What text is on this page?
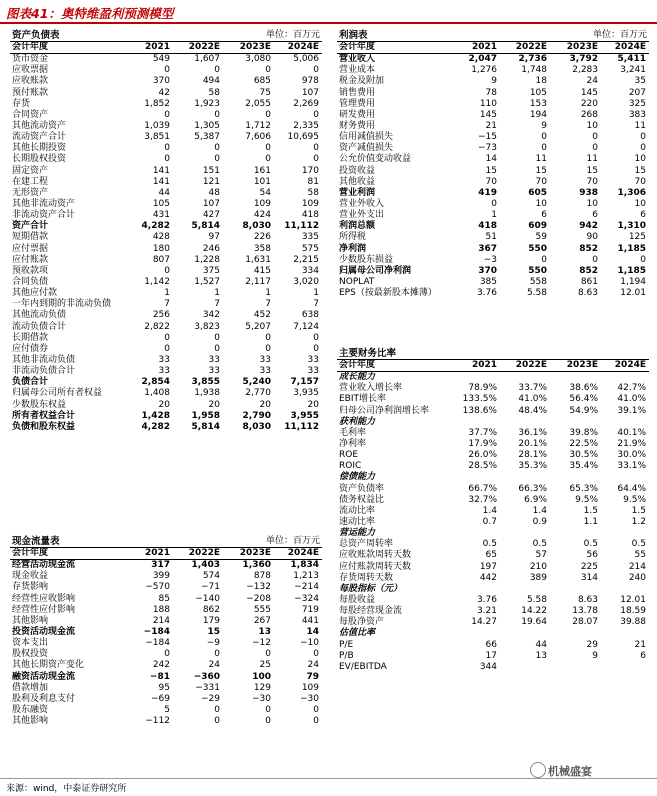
图表41：奥特维盈利预测模型
资产负债表	单位：百万元
会计年度	2021 2022E 2023E 2024E
货币资金	549	1,607	3,080 5,006
应收票据	0	0	0	0
应收账款	370	494	685	978
预付账款	42	58	75	107
存货	1,852	1,923	2,055 2,269
合同资产	0	0	0	0
其他流动资产	1,039	1,305	1,712 2,335
流动资产合计	3,851	5,387	7,606 10,695
其他长期投资	0	0	0	0
长期股权投资	0	0	0	0
固定资产	141	151	161	170
在建工程	141	121	101	81
无形资产	44	48	54	58
其他非流动资产	105	107	109	109
非流动资产合计	431	427	424	418
资产合计	4,282 5,814	8,030 11,112
短期借款	428	97	226	335
应付票据	180	246	358	575
应付账款	807	1,228	1,631 2,215
预收款项	0	375	415	334
合同负债	1,142	1,527	2,117 3,020
其他应付款	1	1	1	1
一年内到期的非流动负债	7	7	7	7
其他流动负债	256	342	452	638
流动负债合计	2,822	3,823	5,207 7,124
长期借款	0	0	0	0
应付债券	0	0	0	0
其他非流动负债	33	33	33	33
非流动负债合计	33	33	33	33
负债合计	2,854 3,855	5,240 7,157
归属母公司所有者权益	1,408	1,938	2,770 3,935
少数股东权益	20	20	20	20
所有者权益合计	1,428 1,958	2,790 3,955
负债和股东权益	4,282 5,814	8,030 11,112
利润表	单位：百万元
会计年度	2021 2022E 2023E 2024E
营业收入	2,047 2,736	3,792 5,411
营业成本	1,276	1,748	2,283 3,241
税金及附加	9	18	24	35
销售费用	78	105	145	207
管理费用	110	153	220	325
研发费用	145	194	268	383
财务费用	21	9	10	11
信用减值损失	−15	0	0	0
资产减值损失	−73	0	0	0
公允价值变动收益	14	11	11	10
投资收益	15	15	15	15
其他收益	70	70	70	70
营业利润	419	605	938 1,306
营业外收入	0	10	10	10
营业外支出	1	6	6	6
利润总额	418	609	942 1,310
所得税	51	59	90	125
净利润	367	550	852 1,185
少数股东损益	−3	0	0	0
归属母公司净利润	370	550	852 1,185
NOPLAT	385	558	861 1,194
EPS（按最新股本摊薄）	3.76	5.58	8.63 12.01
主要财务比率
会计年度	2021 2022E 2023E 2024E
成长能力
营业收入增长率	78.9% 33.7% 38.6% 42.7%
EBIT增长率	133.5% 41.0% 56.4% 41.0%
归母公司净利润增长率	138.6% 48.4% 54.9% 39.1%
获利能力
毛利率	37.7% 36.1% 39.8% 40.1%
净利率	17.9% 20.1% 22.5% 21.9%
ROE	26.0% 28.1% 30.5% 30.0%
ROIC	28.5% 35.3% 35.4% 33.1%
偿债能力
资产负债率	66.7% 66.3% 65.3% 64.4%
债务权益比	32.7%	6.9%	9.5%	9.5%
流动比率	1.4	1.4	1.5	1.5
速动比率	0.7	0.9	1.1	1.2
营运能力
总资产周转率	0.5	0.5	0.5	0.5
应收账款周转天数	65	57	56	55
应付账款周转天数	197	210	225	214
存货周转天数	442	389	314	240
每股指标（元）
每股收益	3.76	5.58	8.63 12.01
每股经营现金流	3.21	14.22	13.78 18.59
每股净资产	14.27	19.64	28.07 39.88
估值比率
P/E	66	44	29	21
P/B	17	13	9	6
EV/EBITDA	344
现金流量表	单位：百万元
会计年度	2021 2022E 2023E 2024E
经营活动现金流	317 1,403	1,360 1,834
现金收益	399	574	878 1,213
存货影响	−570	−71	−132	−214
经营性应收影响	85	−140	−208	−324
经营性应付影响	188	862	555	719
其他影响	214	179	267	441
投资活动现金流	−184	15	13	14
资本支出	−184	−9	−12	−10
股权投资	0	0	0	0
其他长期资产变化	242	24	25	24
融资活动现金流	−81	−360	100	79
借款增加	95	−331	129	109
股利及利息支付	−69	−29	−30	−30
股东融资	5	0	0	0
其他影响	−112	0	0	0
机械盛宴
来源：wind，中泰证券研究所
